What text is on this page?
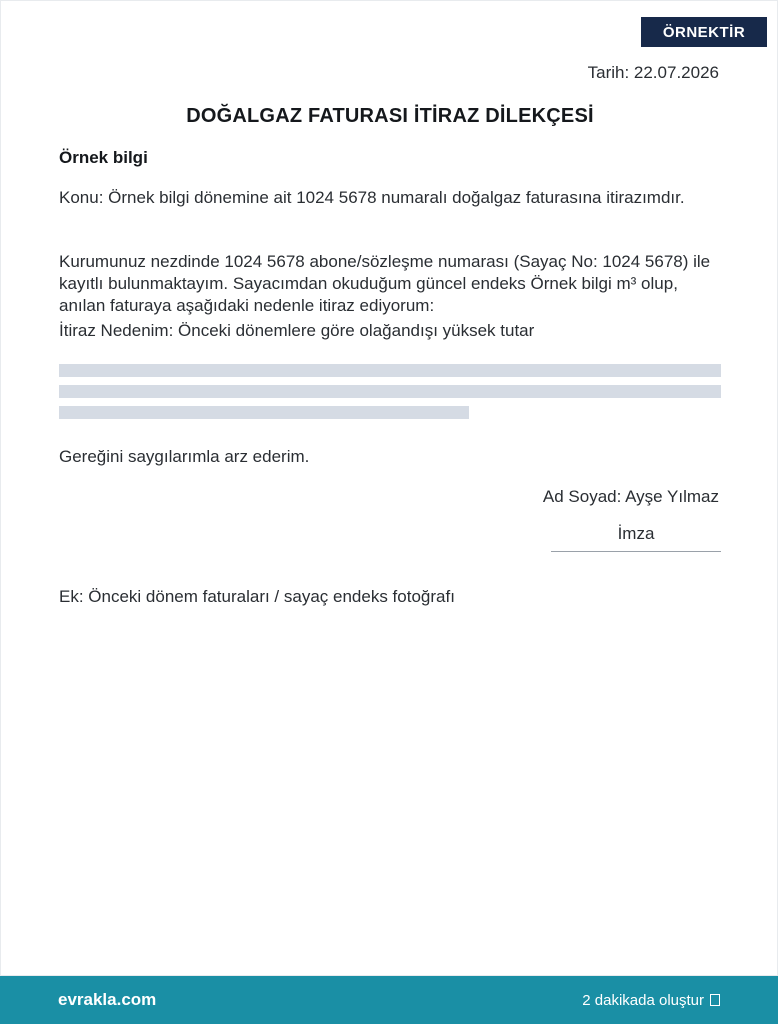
ÖRNEKTİR
Tarih: 22.07.2026
DOĞALGAZ FATURASI İTİRAZ DİLEKÇESİ
Örnek bilgi
Konu: Örnek bilgi dönemine ait 1024 5678 numaralı doğalgaz faturasına itirazımdır.
Kurumunuz nezdinde 1024 5678 abone/sözleşme numarası (Sayaç No: 1024 5678) ile kayıtlı bulunmaktayım. Sayacımdan okuduğum güncel endeks Örnek bilgi m³ olup, anılan faturaya aşağıdaki nedenle itiraz ediyorum:
İtiraz Nedenim: Önceki dönemlere göre olağandışı yüksek tutar
Gereğini saygılarımla arz ederim.
Ad Soyad: Ayşe Yılmaz
İmza
Ek: Önceki dönem faturaları / sayaç endeks fotoğrafı
evrakla.com	2 dakikada oluştur
